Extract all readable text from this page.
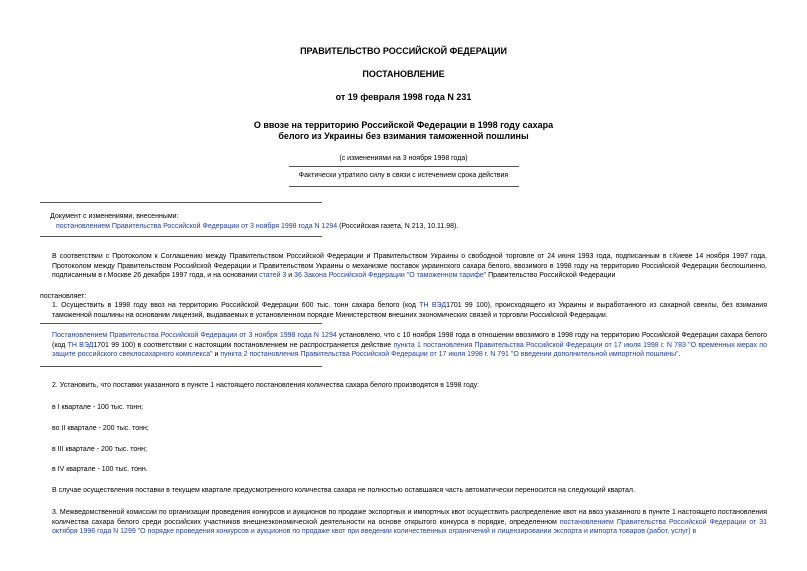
ПРАВИТЕЛЬСТВО РОССИЙСКОЙ ФЕДЕРАЦИИ
ПОСТАНОВЛЕНИЕ
от 19 февраля 1998 года N 231
О ввозе на территорию Российской Федерации в 1998 году сахара
белого из Украины без взимания таможенной пошлины
(с изменениями на 3 ноября 1998 года)
Фактически утратило силу в связи с истечением срока действия
Документ с изменениями, внесенными:
постановлением Правительства Российской Федерации от 3 ноября 1998 года N 1294 (Российская газета, N 213, 10.11.98).

В соответствии с Протоколом к Соглашению между Правительством Российской Федерации и Правительством Украины о свободной торговле от 24 июня 1993 года, подписанным в г.Киеве 14 ноября 1997 года, Протоколом между Правительством Российской Федерации и Правительством Украины о механизме поставок украинского сахара белого, ввозимого в 1998 году на территорию Российской Федерации беспошлинно, подписанным в г.Москве 26 декабря 1997 года, и на основании статей 3 и 36 Закона Российской Федерации "О таможенном тарифе" Правительство Российской Федерации

постановляет:

1. Осуществить в 1998 году ввоз на территорию Российской Федерации 600 тыс. тонн сахара белого (код ТН ВЭД1701 99 100), происходящего из Украины и выработанного из сахарной свеклы, без взимания таможенной пошлины на основании лицензий, выдаваемых в установленном порядке Министерством внешних экономических связей и торговли Российской Федерации.

Постановлением Правительства Российской Федерации от 3 ноября 1998 года N 1294 установлено, что с 10 ноября 1998 года в отношении ввозимого в 1998 году на территорию Российской Федерации сахара белого (код ТН ВЭД1701 99 100) в соответствии с настоящим постановлением не распространяется действие пункта 1 постановления Правительства Российской Федерации от 17 июля 1998 г. N 783 "О временных мерах по защите российского свеклосахарного комплекса" и пункта 2 постановления Правительства Российской Федерации от 17 июля 1998 г. N 791 "О введении дополнительной импортной пошлины".

2. Установить, что поставки указанного в пункте 1 настоящего постановления количества сахара белого производятся в 1998 году:
в I квартале - 100 тыс. тонн;
во II квартале - 200 тыс. тонн;
в III квартале - 200 тыс. тонн;
в IV квартале - 100 тыс. тонн.
В случае осуществления поставки в текущем квартале предусмотренного количества сахара не полностью оставшаяся часть автоматически переносится на следующий квартал.

3. Межведомственной комиссии по организации проведения конкурсов и аукционов по продаже экспортных и импортных квот осуществить распределение квот на ввоз указанного в пункте 1 настоящего постановления количества сахара белого среди российских участников внешнеэкономической деятельности на основе открытого конкурса в порядке, определенном постановлением Правительства Российской Федерации от 31 октября 1996 года N 1299 "О порядке проведения конкурсов и аукционов по продаже квот при введении количественных ограничений и лицензировании экспорта и импорта товаров (работ, услуг) в
